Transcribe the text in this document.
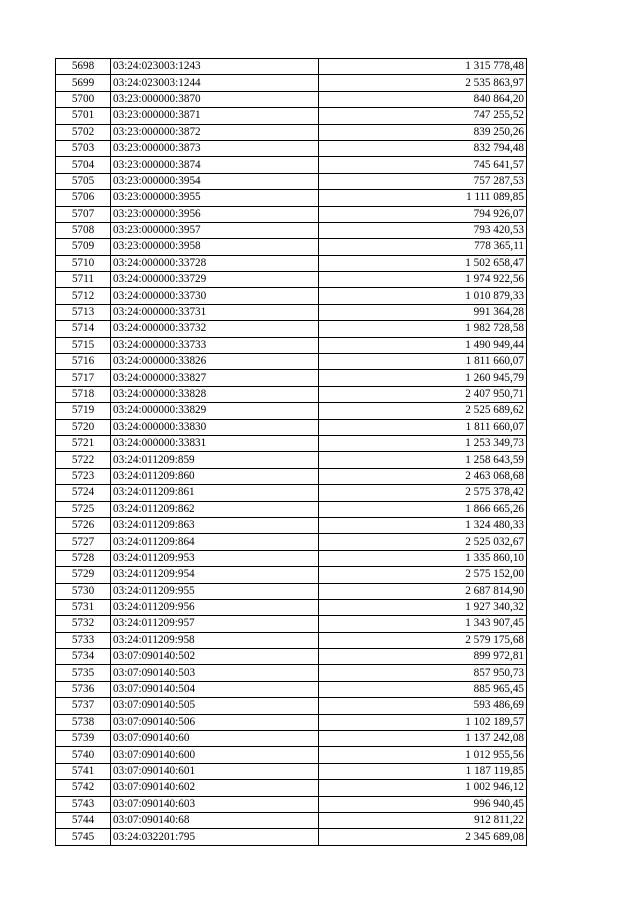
5698	03:24:023003:1243	1 315 778,48
5699	03:24:023003:1244	2 535 863,97
5700	03:23:000000:3870	840 864,20
5701	03:23:000000:3871	747 255,52
5702	03:23:000000:3872	839 250,26
5703	03:23:000000:3873	832 794,48
5704	03:23:000000:3874	745 641,57
5705	03:23:000000:3954	757 287,53
5706	03:23:000000:3955	1 111 089,85
5707	03:23:000000:3956	794 926,07
5708	03:23:000000:3957	793 420,53
5709	03:23:000000:3958	778 365,11
5710	03:24:000000:33728	1 502 658,47
5711	03:24:000000:33729	1 974 922,56
5712	03:24:000000:33730	1 010 879,33
5713	03:24:000000:33731	991 364,28
5714	03:24:000000:33732	1 982 728,58
5715	03:24:000000:33733	1 490 949,44
5716	03:24:000000:33826	1 811 660,07
5717	03:24:000000:33827	1 260 945,79
5718	03:24:000000:33828	2 407 950,71
5719	03:24:000000:33829	2 525 689,62
5720	03:24:000000:33830	1 811 660,07
5721	03:24:000000:33831	1 253 349,73
5722	03:24:011209:859	1 258 643,59
5723	03:24:011209:860	2 463 068,68
5724	03:24:011209:861	2 575 378,42
5725	03:24:011209:862	1 866 665,26
5726	03:24:011209:863	1 324 480,33
5727	03:24:011209:864	2 525 032,67
5728	03:24:011209:953	1 335 860,10
5729	03:24:011209:954	2 575 152,00
5730	03:24:011209:955	2 687 814,90
5731	03:24:011209:956	1 927 340,32
5732	03:24:011209:957	1 343 907,45
5733	03:24:011209:958	2 579 175,68
5734	03:07:090140:502	899 972,81
5735	03:07:090140:503	857 950,73
5736	03:07:090140:504	885 965,45
5737	03:07:090140:505	593 486,69
5738	03:07:090140:506	1 102 189,57
5739	03:07:090140:60	1 137 242,08
5740	03:07:090140:600	1 012 955,56
5741	03:07:090140:601	1 187 119,85
5742	03:07:090140:602	1 002 946,12
5743	03:07:090140:603	996 940,45
5744	03:07:090140:68	912 811,22
5745	03:24:032201:795	2 345 689,08
